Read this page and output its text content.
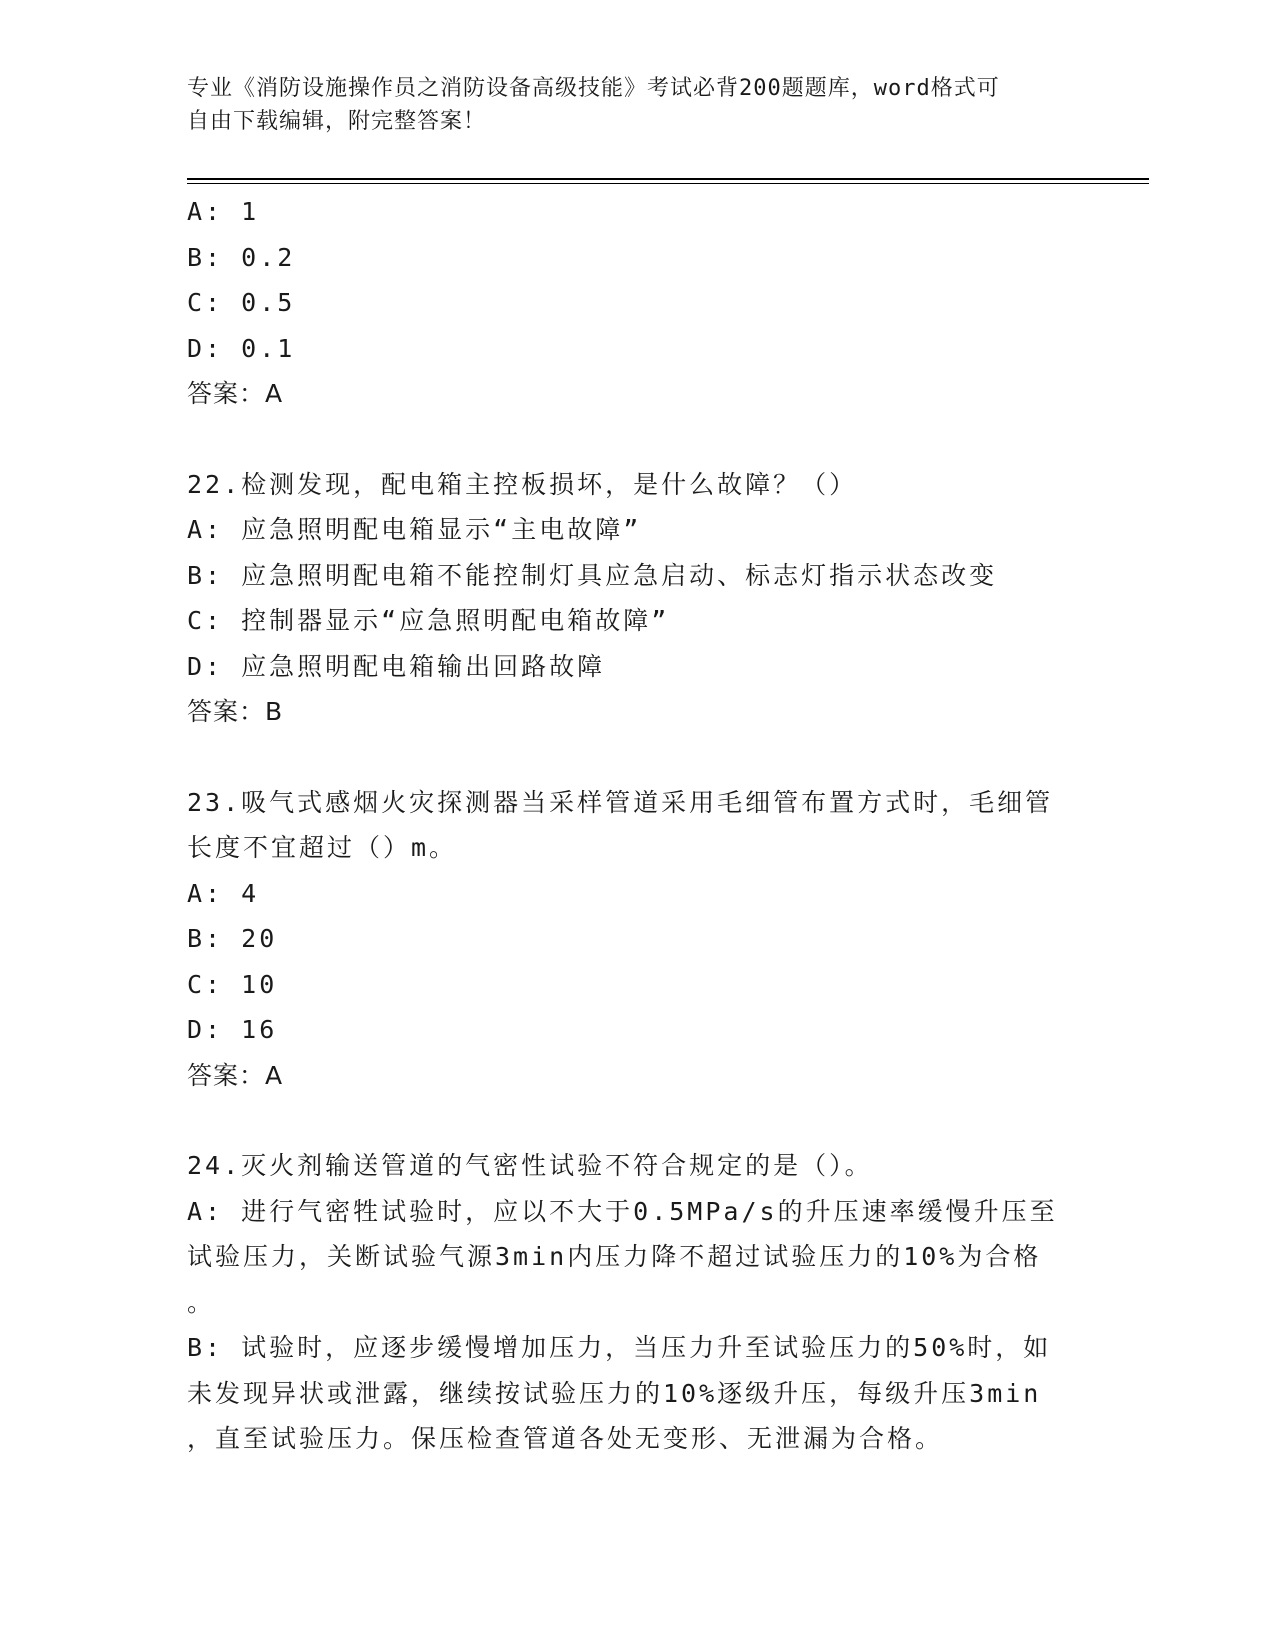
专业《消防设施操作员之消防设备高级技能》考试必背200题题库，word格式可
自由下载编辑，附完整答案！
A: 1
B: 0.2
C: 0.5
D: 0.1
答案：A
22.检测发现，配电箱主控板损坏，是什么故障？（）
A: 应急照明配电箱显示“主电故障”
B: 应急照明配电箱不能控制灯具应急启动、标志灯指示状态改变
C: 控制器显示“应急照明配电箱故障”
D: 应急照明配电箱输出回路故障
答案：B
23.吸气式感烟火灾探测器当采样管道采用毛细管布置方式时，毛细管
长度不宜超过（）m。
A: 4
B: 20
C: 10
D: 16
答案：A
24.灭火剂输送管道的气密性试验不符合规定的是（）。
A: 进行气密牲试验时，应以不大于0.5MPa/s的升压速率缓慢升压至
试验压力，关断试验气源3min内压力降不超过试验压力的10%为合格
。
B: 试验时，应逐步缓慢增加压力，当压力升至试验压力的50%时，如
未发现异状或泄露，继续按试验压力的10%逐级升压，每级升压3min
，直至试验压力。保压检查管道各处无变形、无泄漏为合格。
